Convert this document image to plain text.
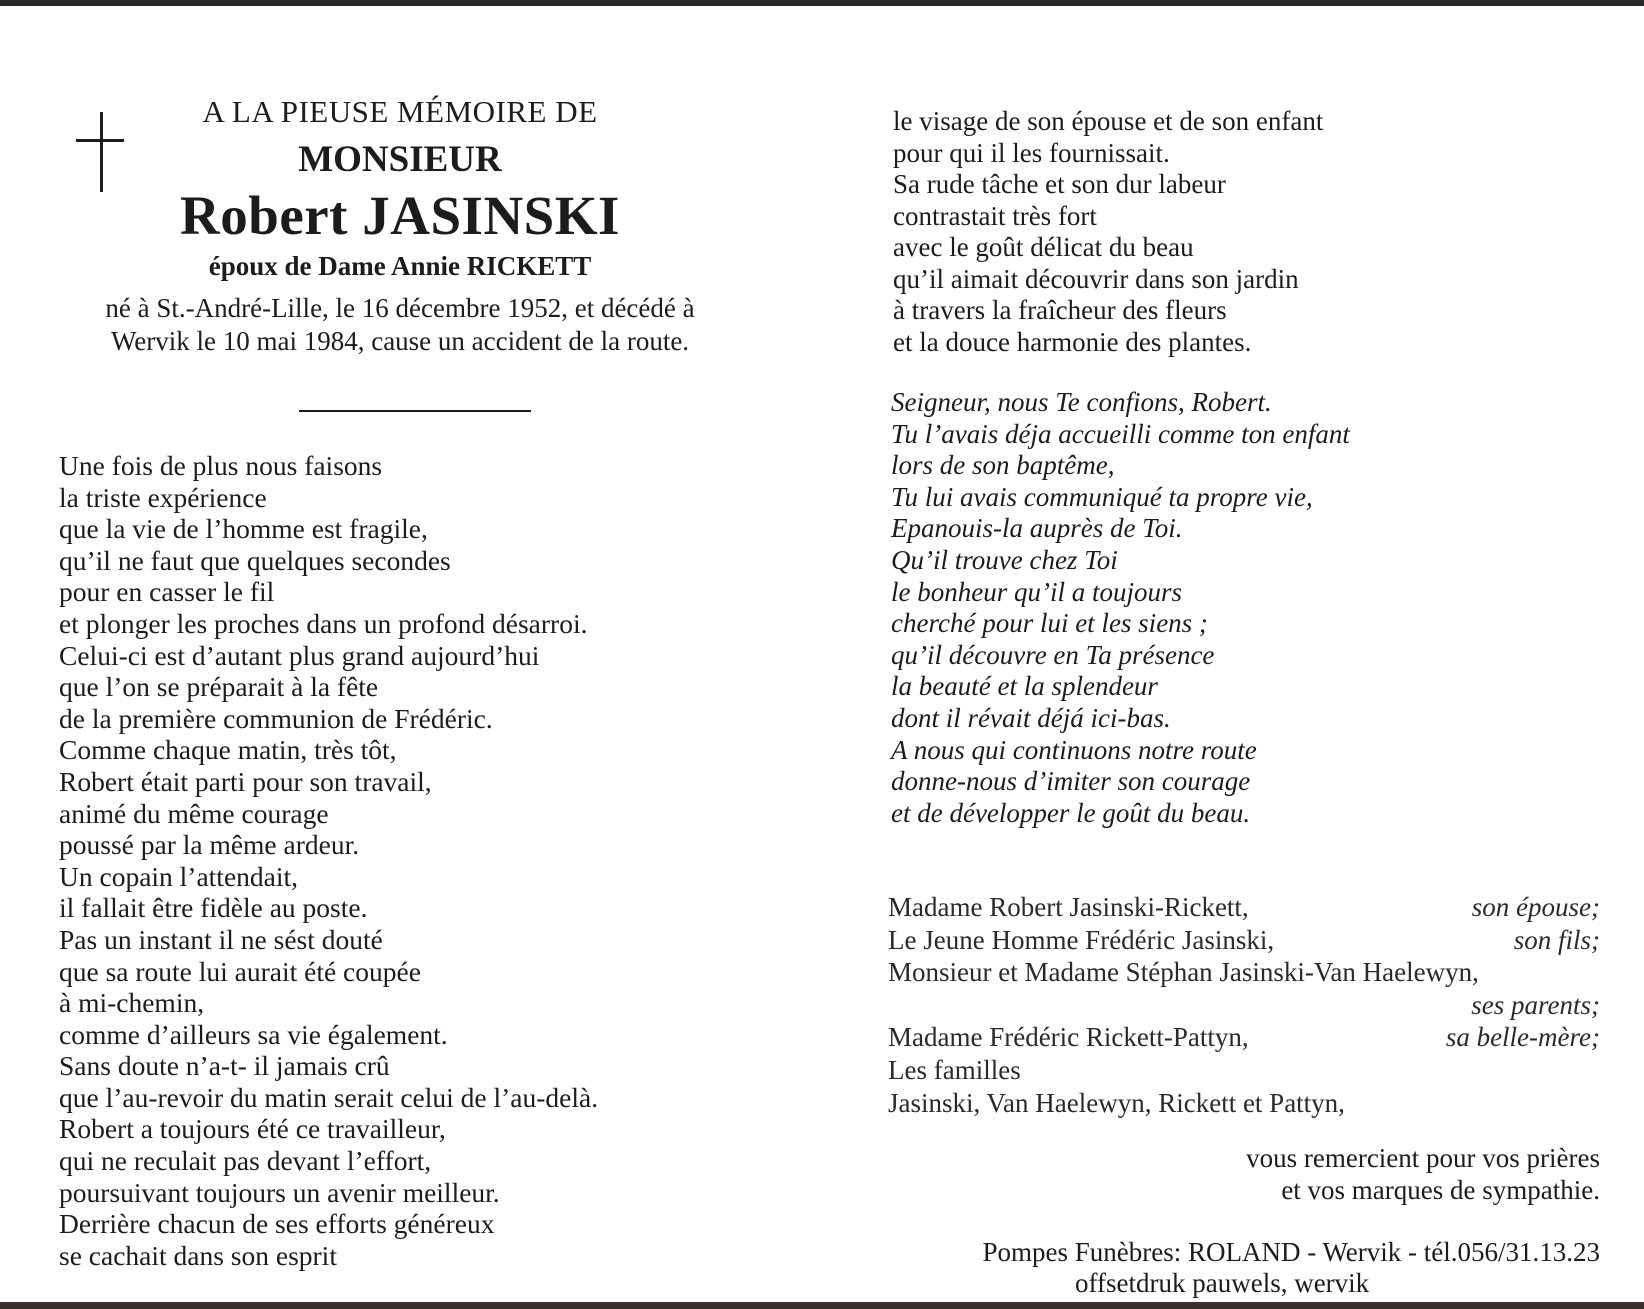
A LA PIEUSE MÉMOIRE DE
MONSIEUR
Robert JASINSKI
époux de Dame Annie RICKETT
né à St.-André-Lille, le 16 décembre 1952, et décédé à
Wervik le 10 mai 1984, cause un accident de la route.
Une fois de plus nous faisons
la triste expérience
que la vie de l’homme est fragile,
qu’il ne faut que quelques secondes
pour en casser le fil
et plonger les proches dans un profond désarroi.
Celui-ci est d’autant plus grand aujourd’hui
que l’on se préparait à la fête
de la première communion de Frédéric.
Comme chaque matin, très tôt,
Robert était parti pour son travail,
animé du même courage
poussé par la même ardeur.
Un copain l’attendait,
il fallait être fidèle au poste.
Pas un instant il ne sést douté
que sa route lui aurait été coupée
à mi-chemin,
comme d’ailleurs sa vie également.
Sans doute n’a-t- il jamais crû
que l’au-revoir du matin serait celui de l’au-delà.
Robert a toujours été ce travailleur,
qui ne reculait pas devant l’effort,
poursuivant toujours un avenir meilleur.
Derrière chacun de ses efforts généreux
se cachait dans son esprit
le visage de son épouse et de son enfant
pour qui il les fournissait.
Sa rude tâche et son dur labeur
contrastait très fort
avec le goût délicat du beau
qu’il aimait découvrir dans son jardin
à travers la fraîcheur des fleurs
et la douce harmonie des plantes.
Seigneur, nous Te confions, Robert.
Tu l’avais déja accueilli comme ton enfant
lors de son baptême,
Tu lui avais communiqué ta propre vie,
Epanouis-la auprès de Toi.
Qu’il trouve chez Toi
le bonheur qu’il a toujours
cherché pour lui et les siens ;
qu’il découvre en Ta présence
la beauté et la splendeur
dont il révait déjá ici-bas.
A nous qui continuons notre route
donne-nous d’imiter son courage
et de développer le goût du beau.
Madame Robert Jasinski-Rickett,	son épouse;
Le Jeune Homme Frédéric Jasinski,	son fils;
Monsieur et Madame Stéphan Jasinski-Van Haelewyn,
ses parents;
Madame Frédéric Rickett-Pattyn,	sa belle-mère;
Les familles
Jasinski, Van Haelewyn, Rickett et Pattyn,
vous remercient pour vos prières
et vos marques de sympathie.
Pompes Funèbres: ROLAND - Wervik - tél.056/31.13.23
offsetdruk pauwels, wervik
